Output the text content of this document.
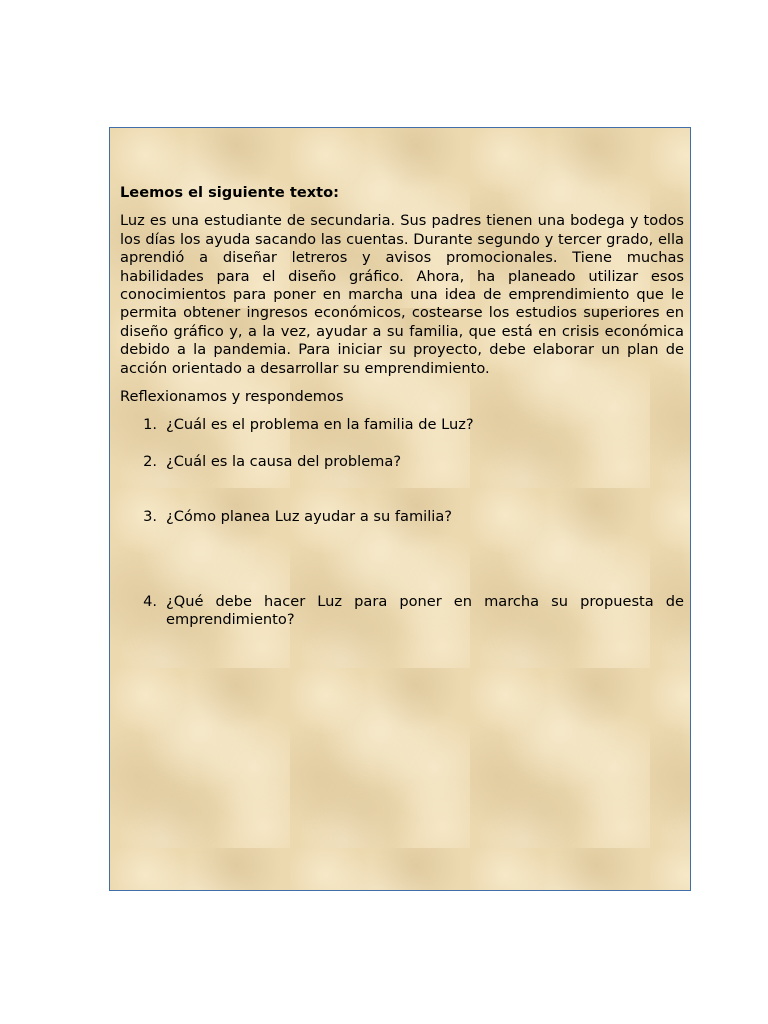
Leemos el siguiente texto:

Luz es una estudiante de secundaria. Sus padres tienen una bodega y todos los días los ayuda sacando las cuentas. Durante segundo y tercer grado, ella aprendió a diseñar letreros y avisos promocionales. Tiene muchas habilidades para el diseño gráfico. Ahora, ha planeado utilizar esos conocimientos para poner en marcha una idea de emprendimiento que le permita obtener ingresos económicos, costearse los estudios superiores en diseño gráfico y, a la vez, ayudar a su familia, que está en crisis económica debido a la pandemia. Para iniciar su proyecto, debe elaborar un plan de acción orientado a desarrollar su emprendimiento.

Reflexionamos y respondemos

1. ¿Cuál es el problema en la familia de Luz?
2. ¿Cuál es la causa del problema?
3. ¿Cómo planea Luz ayudar a su familia?
4. ¿Qué debe hacer Luz para poner en marcha su propuesta de emprendimiento?
